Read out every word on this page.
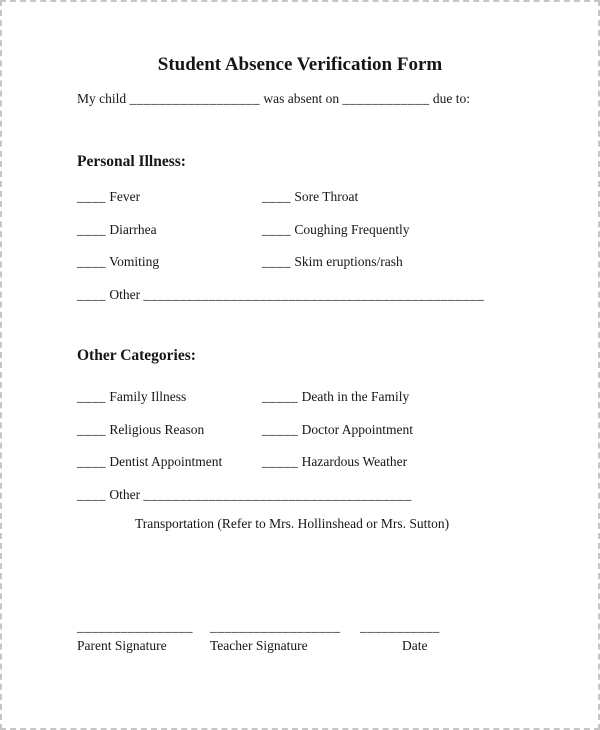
Student Absence Verification Form
My child __________________ was absent on ____________ due to:
Personal Illness:
____ Fever	____ Sore Throat
____ Diarrhea	____ Coughing Frequently
____ Vomiting	____ Skim eruptions/rash
____ Other _______________________________________________
Other Categories:
____ Family Illness	_____ Death in the Family
____ Religious Reason	_____ Doctor Appointment
____ Dentist Appointment	_____ Hazardous Weather
____ Other _____________________________________
Transportation (Refer to Mrs. Hollinshead or Mrs. Sutton)
________________
Parent Signature
__________________
Teacher Signature
___________
Date
